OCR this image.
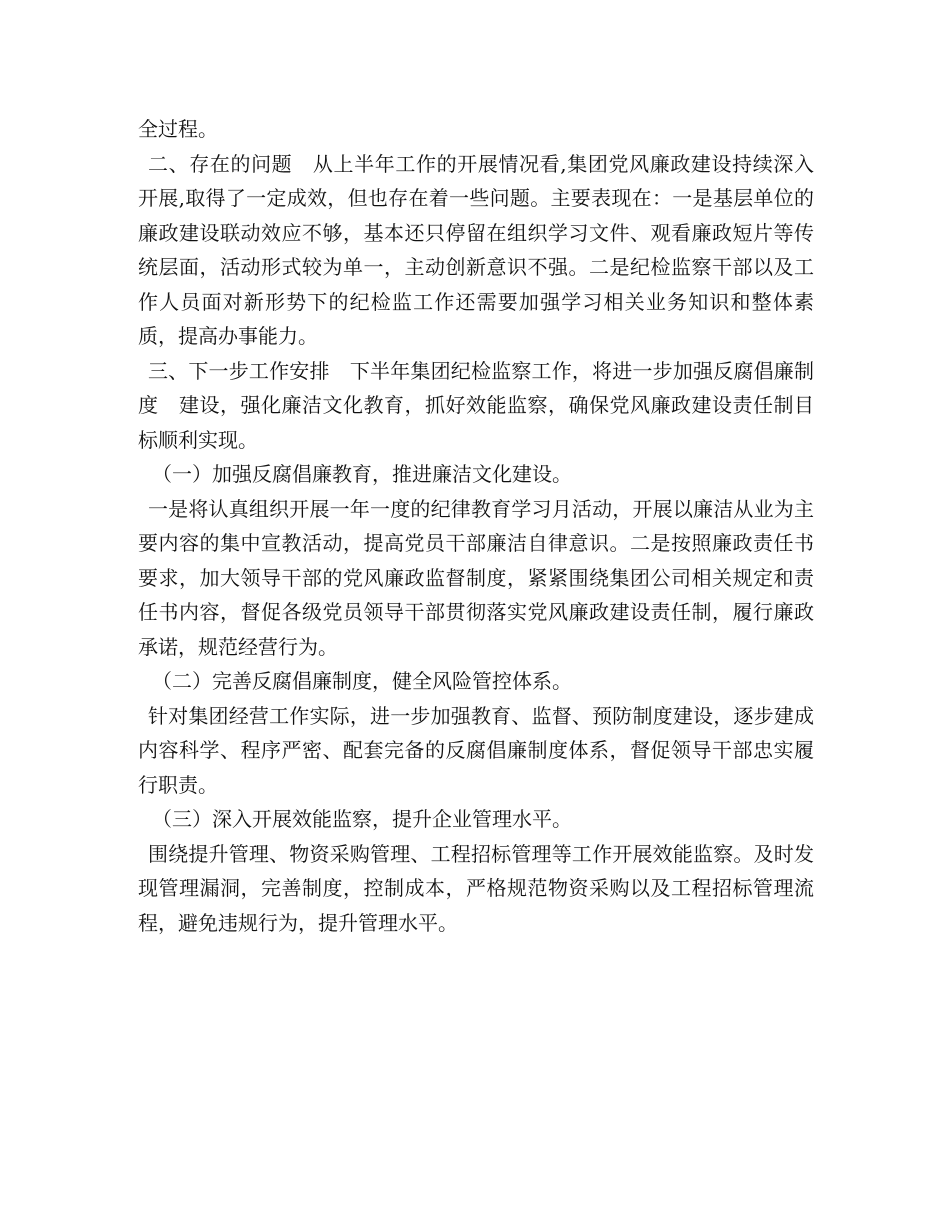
全过程。

二、存在的问题　从上半年工作的开展情况看,集团党风廉政建设持续深入开展,取得了一定成效，但也存在着一些问题。主要表现在：一是基层单位的廉政建设联动效应不够，基本还只停留在组织学习文件、观看廉政短片等传统层面，活动形式较为单一，主动创新意识不强。二是纪检监察干部以及工作人员面对新形势下的纪检监工作还需要加强学习相关业务知识和整体素质，提高办事能力。

三、下一步工作安排　下半年集团纪检监察工作，将进一步加强反腐倡廉制度　建设，强化廉洁文化教育，抓好效能监察，确保党风廉政建设责任制目标顺利实现。

（一）加强反腐倡廉教育，推进廉洁文化建设。

一是将认真组织开展一年一度的纪律教育学习月活动，开展以廉洁从业为主要内容的集中宣教活动，提高党员干部廉洁自律意识。二是按照廉政责任书要求，加大领导干部的党风廉政监督制度，紧紧围绕集团公司相关规定和责任书内容，督促各级党员领导干部贯彻落实党风廉政建设责任制，履行廉政承诺，规范经营行为。

（二）完善反腐倡廉制度，健全风险管控体系。

针对集团经营工作实际，进一步加强教育、监督、预防制度建设，逐步建成内容科学、程序严密、配套完备的反腐倡廉制度体系，督促领导干部忠实履行职责。

（三）深入开展效能监察，提升企业管理水平。

围绕提升管理、物资采购管理、工程招标管理等工作开展效能监察。及时发现管理漏洞，完善制度，控制成本，严格规范物资采购以及工程招标管理流程，避免违规行为，提升管理水平。
